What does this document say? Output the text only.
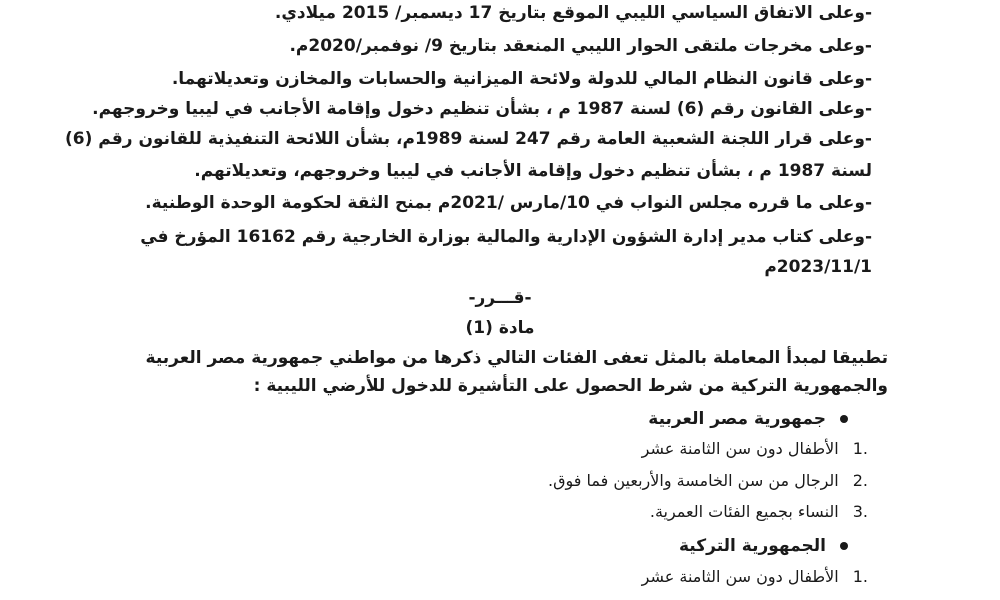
-وعلى الاتفاق السياسي الليبي الموقع بتاريخ 17 ديسمبر/ 2015 ميلادي.
-وعلى مخرجات ملتقى الحوار الليبي المنعقد بتاريخ 9/ نوفمبر/2020م.
-وعلى قانون النظام المالي للدولة ولائحة الميزانية والحسابات والمخازن وتعديلاتهما.
-وعلى القانون رقم (6) لسنة 1987 م ، بشأن تنظيم دخول وإقامة الأجانب في ليبيا وخروجهم.
-وعلى قرار اللجنة الشعبية العامة رقم 247 لسنة 1989م، بشأن اللائحة التنفيذية للقانون رقم (6)
لسنة 1987 م ، بشأن تنظيم دخول وإقامة الأجانب في ليبيا وخروجهم، وتعديلاتهم.
-وعلى ما قرره مجلس النواب في 10/مارس /2021م بمنح الثقة لحكومة الوحدة الوطنية.
-وعلى كتاب مدير إدارة الشؤون الإدارية والمالية بوزارة الخارجية رقم 16162 المؤرخ في
2023/11/1م
-قـــرر-
مادة (1)
تطبيقا لمبدأ المعاملة بالمثل تعفى الفئات التالي ذكرها من مواطني جمهورية مصر العربية
والجمهورية التركية من شرط الحصول على التأشيرة للدخول للأرضي الليبية :
جمهورية مصر العربية
1.
الأطفال دون سن الثامنة عشر
2.
الرجال من سن الخامسة والأربعين فما فوق.
3.
النساء بجميع الفئات العمرية.
الجمهورية التركية
1.
الأطفال دون سن الثامنة عشر
